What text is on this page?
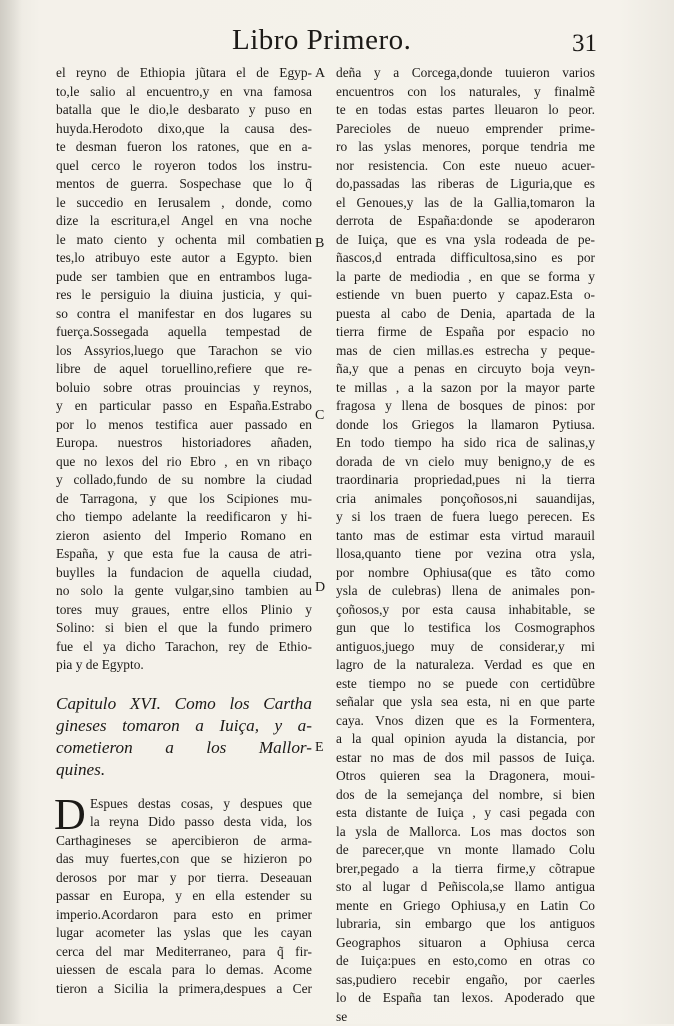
Libro Primero.	31
A
B
C
D
E
el reyno de Ethiopia jũtara el de Egyp-
to,le salio al encuentro,y en vna famosa
batalla que le dio,le desbarato y puso en
huyda.Herodoto dixo,que la causa des-
te desman fueron los ratones, que en a-
quel cerco le royeron todos los instru-
mentos de guerra. Sospechase que lo q̃
le succedio en Ierusalem , donde, como
dize la escritura,el Angel en vna noche
le mato ciento y ochenta mil combatien
tes,lo atribuyo este autor a Egypto. bien
pude ser tambien que en entrambos luga-
res le persiguio la diuina justicia, y qui-
so contra el manifestar en dos lugares su
fuerça.Sossegada aquella tempestad de
los Assyrios,luego que Tarachon se vio
libre de aquel toruellino,refiere que re-
boluio sobre otras prouincias y reynos,
y en particular passo en España.Estrabo
por lo menos testifica auer passado en
Europa. nuestros historiadores añaden,
que no lexos del rio Ebro , en vn ribaço
y collado,fundo de su nombre la ciudad
de Tarragona, y que los Scipiones mu-
cho tiempo adelante la reedificaron y hi-
zieron asiento del Imperio Romano en
España, y que esta fue la causa de atri-
buylles la fundacion de aquella ciudad,
no solo la gente vulgar,sino tambien au
tores muy graues, entre ellos Plinio y
Solino: si bien el que la fundo primero
fue el ya dicho Tarachon, rey de Ethio-
pia y de Egypto.
Capitulo XVI. Como los Cartha
gineses tomaron a Iuiça, y a-
cometieron a los Mallor-
quines.
D Espues destas cosas, y despues que
la reyna Dido passo desta vida, los
Carthagineses se apercibieron de arma-
das muy fuertes,con que se hizieron po
derosos por mar y por tierra. Deseauan
passar en Europa, y en ella estender su
imperio.Acordaron para esto en primer
lugar acometer las yslas que les cayan
cerca del mar Mediterraneo, para q̃ fir-
uiessen de escala para lo demas. Acome
tieron a Sicilia la primera,despues a Cer
deña y a Corcega,donde tuuieron varios
encuentros con los naturales, y finalmẽ
te en todas estas partes lleuaron lo peor.
Parecioles de nueuo emprender prime-
ro las yslas menores, porque tendria me
nor resistencia. Con este nueuo acuer-
do,passadas las riberas de Liguria,que es
el Genoues,y las de la Gallia,tomaron la
derrota de España:donde se apoderaron
de Iuiça, que es vna ysla rodeada de pe-
ñascos,d entrada difficultosa,sino es por
la parte de mediodia , en que se forma y
estiende vn buen puerto y capaz.Esta o-
puesta al cabo de Denia, apartada de la
tierra firme de España por espacio no
mas de cien millas.es estrecha y peque-
ña,y que a penas en circuyto boja veyn-
te millas , a la sazon por la mayor parte
fragosa y llena de bosques de pinos: por
donde los Griegos la llamaron Pytiusa.
En todo tiempo ha sido rica de salinas,y
dorada de vn cielo muy benigno,y de es
traordinaria propriedad,pues ni la tierra
cria animales ponçoñosos,ni sauandijas,
y si los traen de fuera luego perecen. Es
tanto mas de estimar esta virtud marauil
llosa,quanto tiene por vezina otra ysla,
por nombre Ophiusa(que es tãto como
ysla de culebras) llena de animales pon-
çoñosos,y por esta causa inhabitable, se
gun que lo testifica los Cosmographos
antiguos,juego muy de considerar,y mi
lagro de la naturaleza. Verdad es que en
este tiempo no se puede con certidũbre
señalar que ysla sea esta, ni en que parte
caya. Vnos dizen que es la Formentera,
a la qual opinion ayuda la distancia, por
estar no mas de dos mil passos de Iuiça.
Otros quieren sea la Dragonera, moui-
dos de la semejança del nombre, si bien
esta distante de Iuiça , y casi pegada con
la ysla de Mallorca. Los mas doctos son
de parecer,que vn monte llamado Colu
brer,pegado a la tierra firme,y cõtrapue
sto al lugar d Peñiscola,se llamo antigua
mente en Griego Ophiusa,y en Latin Co
lubraria, sin embargo que los antiguos
Geographos situaron a Ophiusa cerca
de Iuiça:pues en esto,como en otras co
sas,pudiero recebir engaño, por caerles
lo de España tan lexos. Apoderado que
se
